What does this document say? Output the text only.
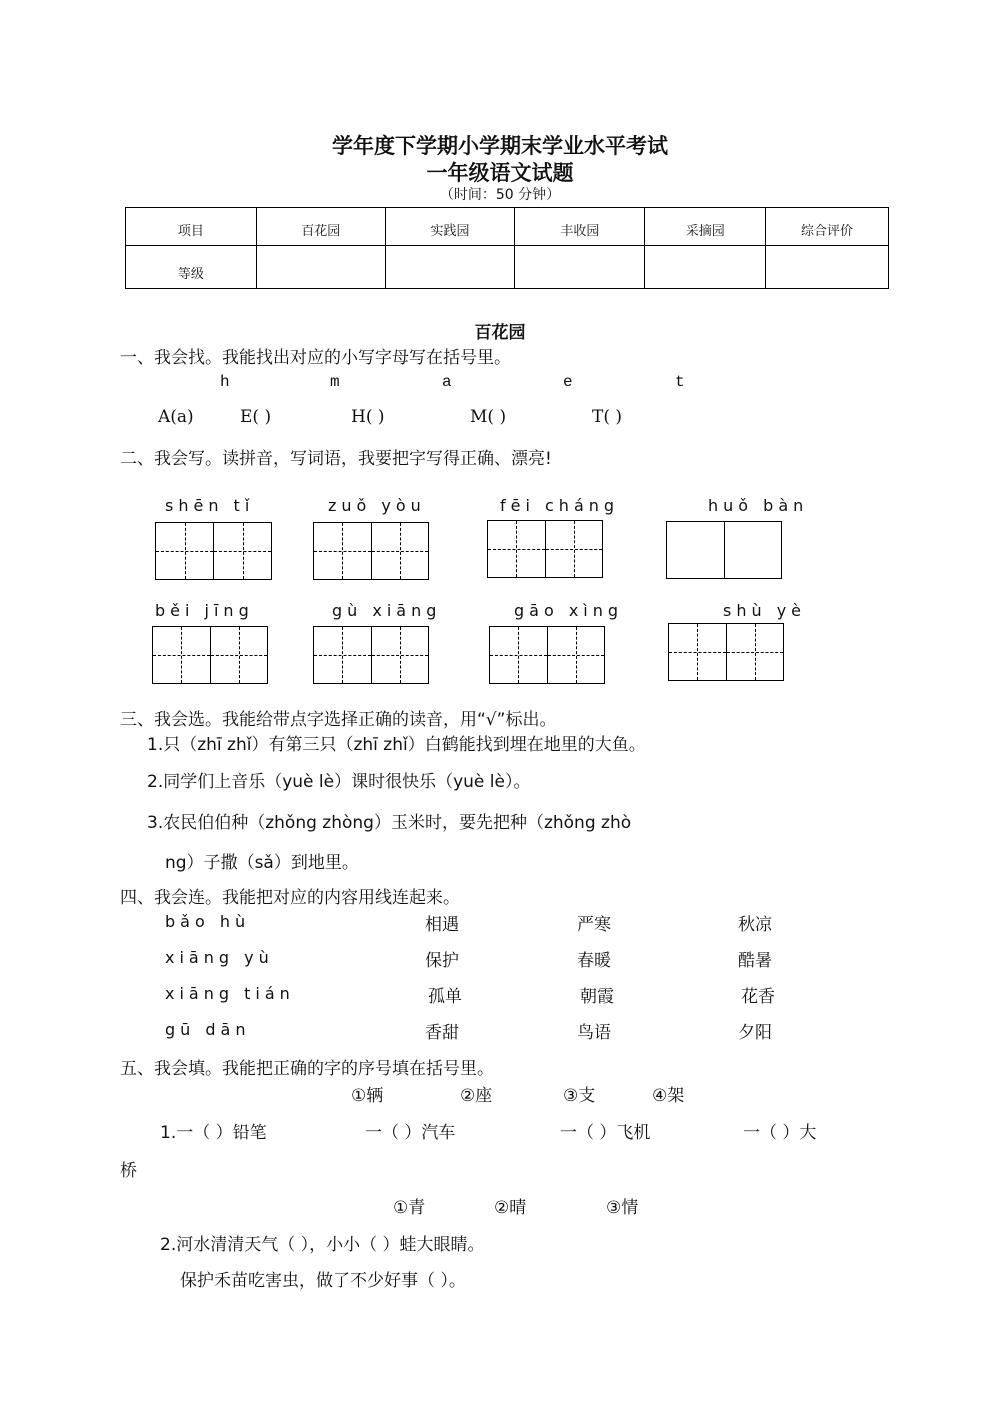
学年度下学期小学期末学业水平考试
一年级语文试题
（时间：50 分钟）
项目	百花园	实践园	丰收园	采摘园	综合评价
等级					
百花园
一、我会找。我能找出对应的小写字母写在括号里。
h	m	a	e	t
A(a)	E( )	H( )	M( )	T( )
二、我会写。读拼音，写词语，我要把字写得正确、漂亮!
shēn tǐ	zuǒ yòu	fēi cháng	huǒ bàn
běi jīng	gù xiāng	gāo xìng	shù yè
三、我会选。我能给带点字选择正确的读音，用“√”标出。
1.只（zhī zhǐ）有第三只（zhī zhǐ）白鹤能找到埋在地里的大鱼。
2.同学们上音乐（yuè lè）课时很快乐（yuè lè）。
3.农民伯伯种（zhǒng zhòng）玉米时，要先把种（zhǒng zhò
ng）子撒（sǎ）到地里。
四、我会连。我能把对应的内容用线连起来。
bǎo hù	相遇	严寒	秋凉
xiāng yù	保护	春暖	酷暑
xiāng tián	孤单	朝霞	花香
gū dān	香甜	鸟语	夕阳
五、我会填。我能把正确的字的序号填在括号里。
①辆	②座	③支	④架
1.一（ ）铅笔	一（ ）汽车	一（ ）飞机	一（ ）大
桥
①青	②晴	③情
2.河水清清天气（ ），小小（ ）蛙大眼睛。
保护禾苗吃害虫，做了不少好事（ ）。
